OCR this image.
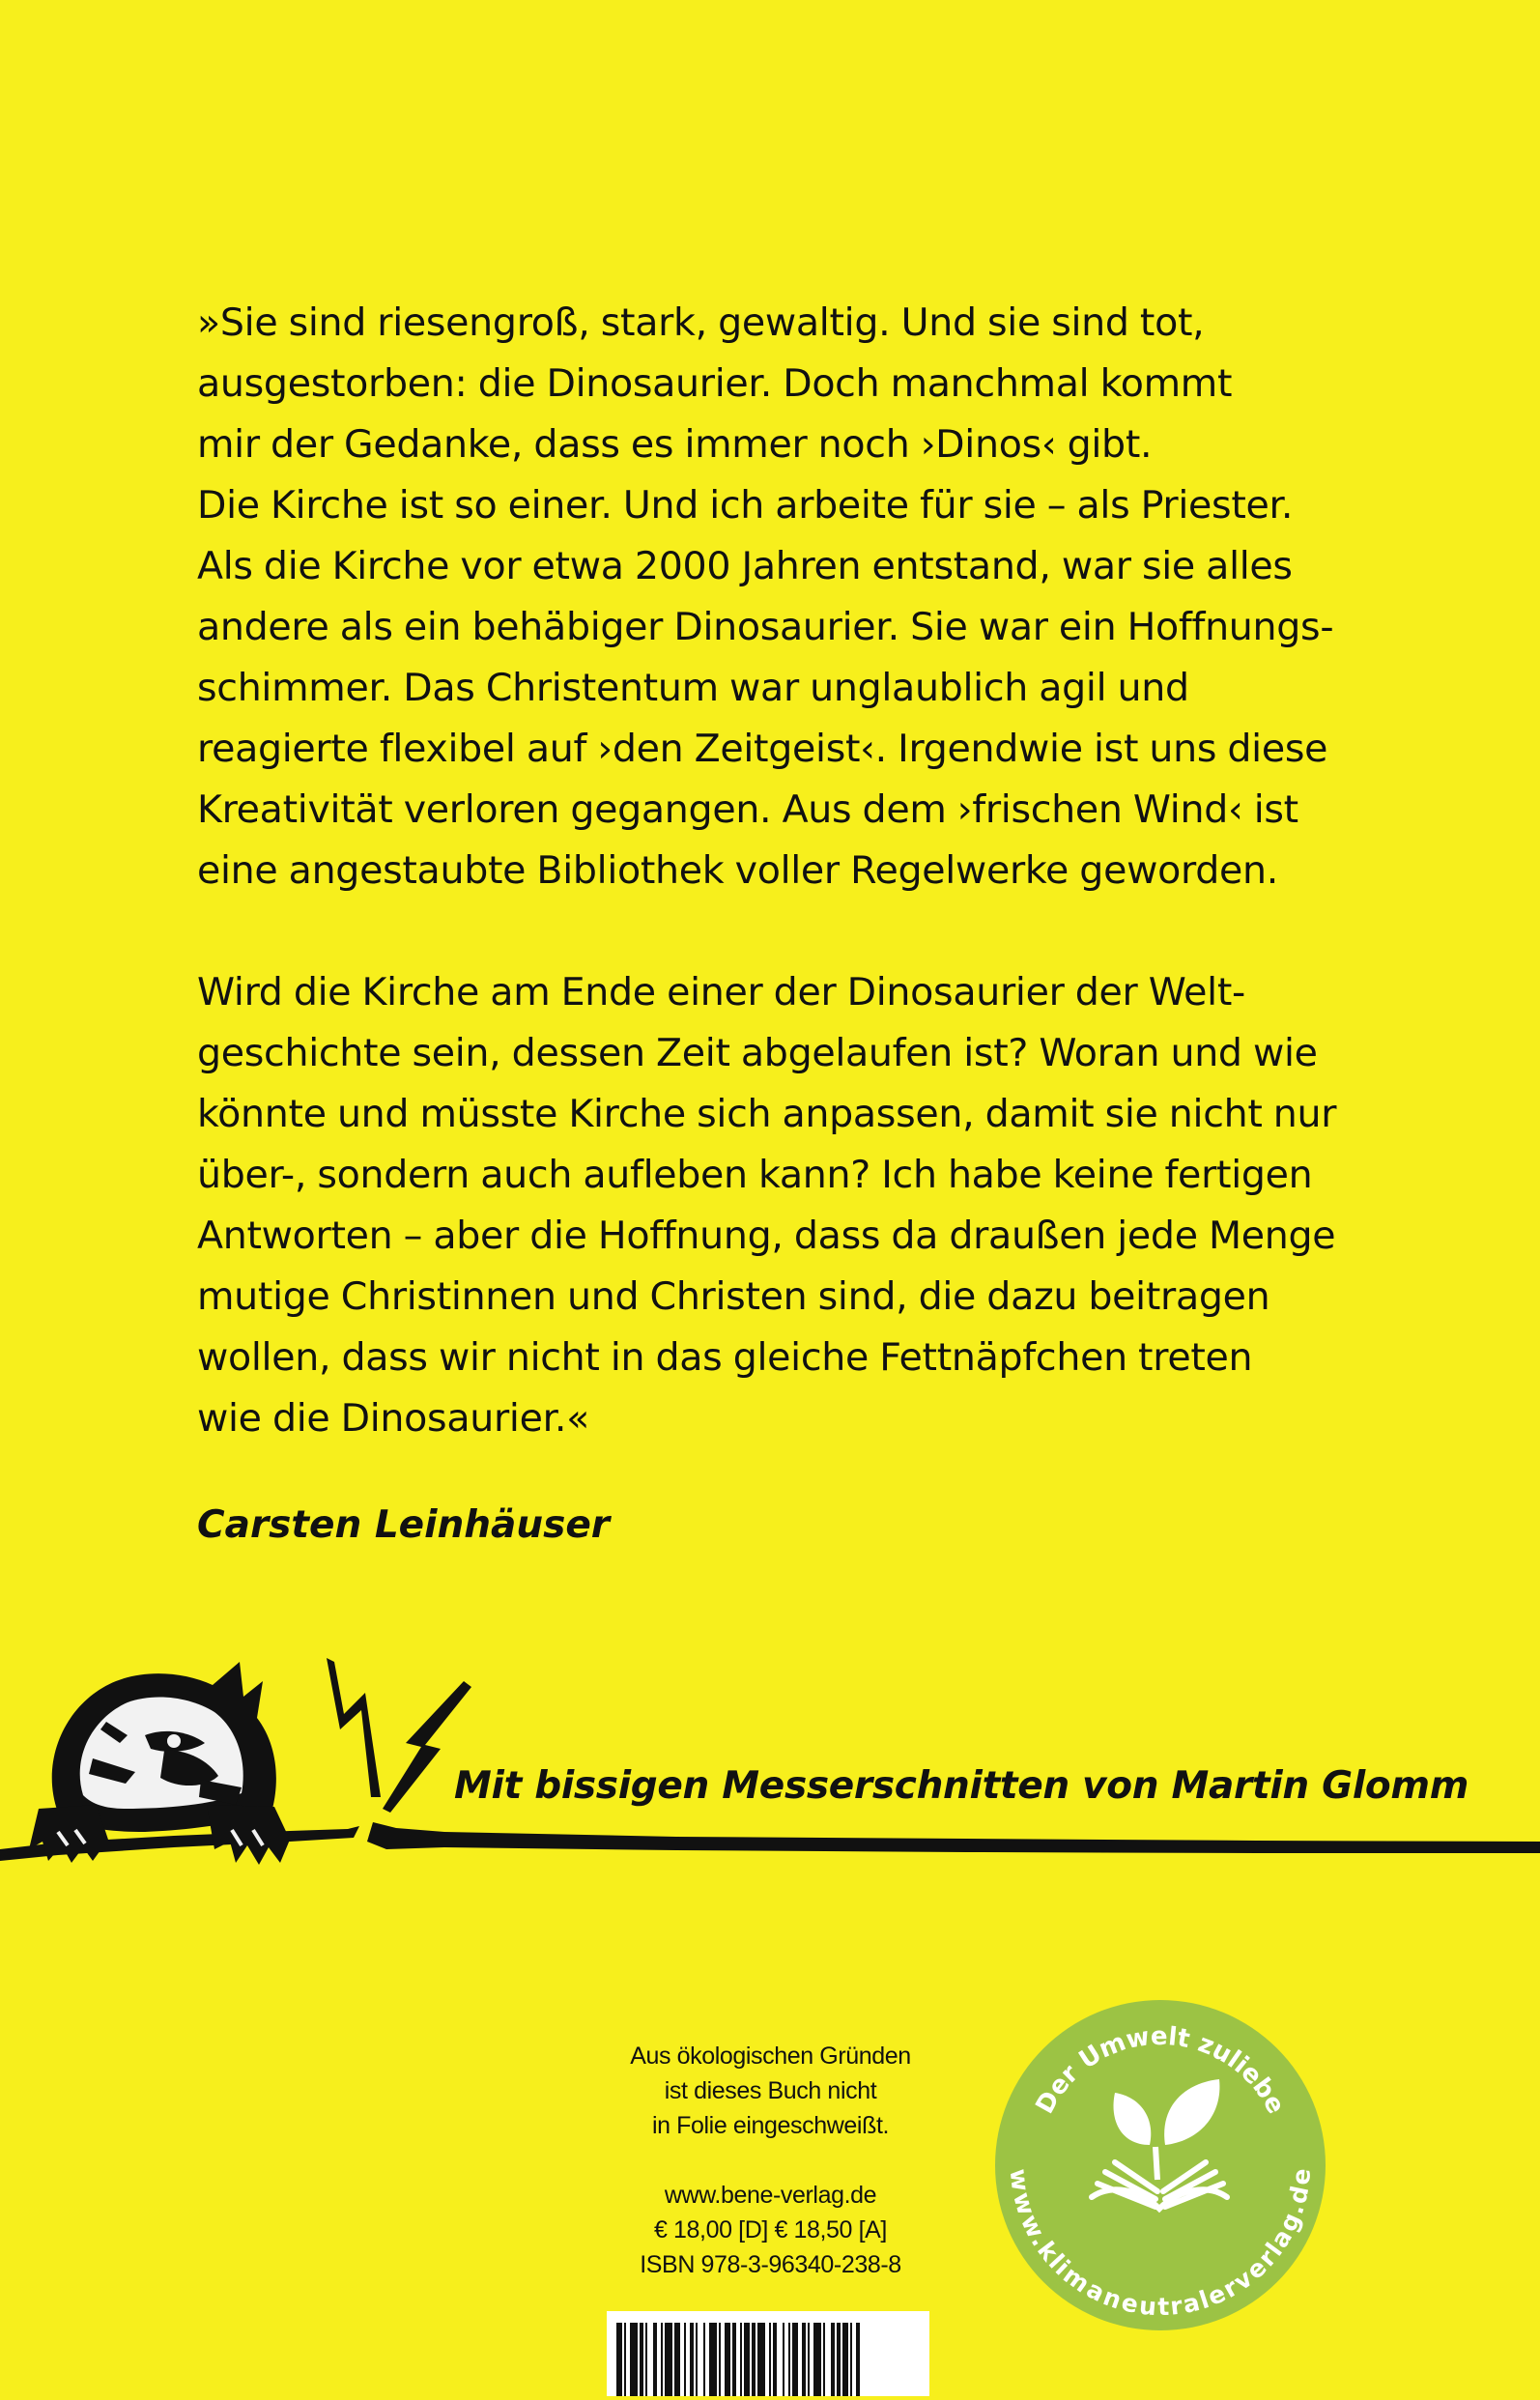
»Sie sind riesengroß, stark, gewaltig. Und sie sind tot,
ausgestorben: die Dinosaurier. Doch manchmal kommt
mir der Gedanke, dass es immer noch ›Dinos‹ gibt.
Die Kirche ist so einer. Und ich arbeite für sie – als Priester.
Als die Kirche vor etwa 2000 Jahren entstand, war sie alles
andere als ein behäbiger Dinosaurier. Sie war ein Hoffnungs-
schimmer. Das Christentum war unglaublich agil und
reagierte flexibel auf ›den Zeitgeist‹. Irgendwie ist uns diese
Kreativität verloren gegangen. Aus dem ›frischen Wind‹ ist
eine angestaubte Bibliothek voller Regelwerke geworden.

Wird die Kirche am Ende einer der Dinosaurier der Welt-
geschichte sein, dessen Zeit abgelaufen ist? Woran und wie
könnte und müsste Kirche sich anpassen, damit sie nicht nur
über-, sondern auch aufleben kann? Ich habe keine fertigen
Antworten – aber die Hoffnung, dass da draußen jede Menge
mutige Christinnen und Christen sind, die dazu beitragen
wollen, dass wir nicht in das gleiche Fettnäpfchen treten
wie die Dinosaurier.«

Carsten Leinhäuser
Mit bissigen Messerschnitten von Martin Glomm
Aus ökologischen Gründen
ist dieses Buch nicht
in Folie eingeschweißt.
www.bene-verlag.de
€ 18,00 [D] € 18,50 [A]
ISBN 978-3-96340-238-8
Der Umwelt zuliebe
www.klimaneutralerverlag.de
